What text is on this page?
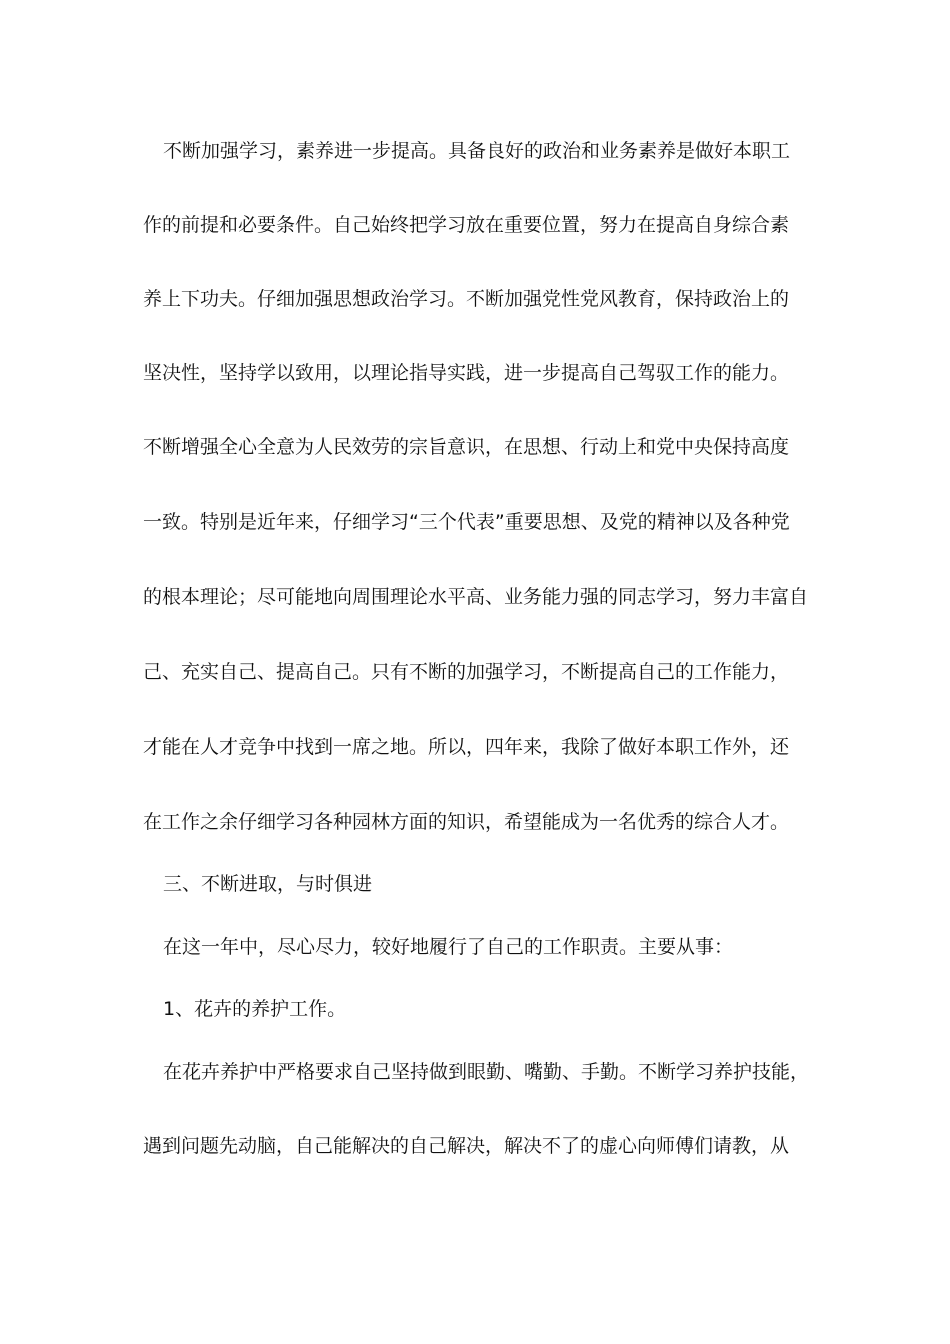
不断加强学习，素养进一步提高。具备良好的政治和业务素养是做好本职工
作的前提和必要条件。自己始终把学习放在重要位置，努力在提高自身综合素
养上下功夫。仔细加强思想政治学习。不断加强党性党风教育，保持政治上的
坚决性，坚持学以致用，以理论指导实践，进一步提高自己驾驭工作的能力。
不断增强全心全意为人民效劳的宗旨意识，在思想、行动上和党中央保持高度
一致。特别是近年来，仔细学习“三个代表”重要思想、及党的精神以及各种党
的根本理论；尽可能地向周围理论水平高、业务能力强的同志学习，努力丰富自
己、充实自己、提高自己。只有不断的加强学习，不断提高自己的工作能力，
才能在人才竞争中找到一席之地。所以，四年来，我除了做好本职工作外，还
在工作之余仔细学习各种园林方面的知识，希望能成为一名优秀的综合人才。
三、不断进取，与时俱进
在这一年中，尽心尽力，较好地履行了自己的工作职责。主要从事：
1、花卉的养护工作。
在花卉养护中严格要求自己坚持做到眼勤、嘴勤、手勤。不断学习养护技能，
遇到问题先动脑，自己能解决的自己解决，解决不了的虚心向师傅们请教，从
